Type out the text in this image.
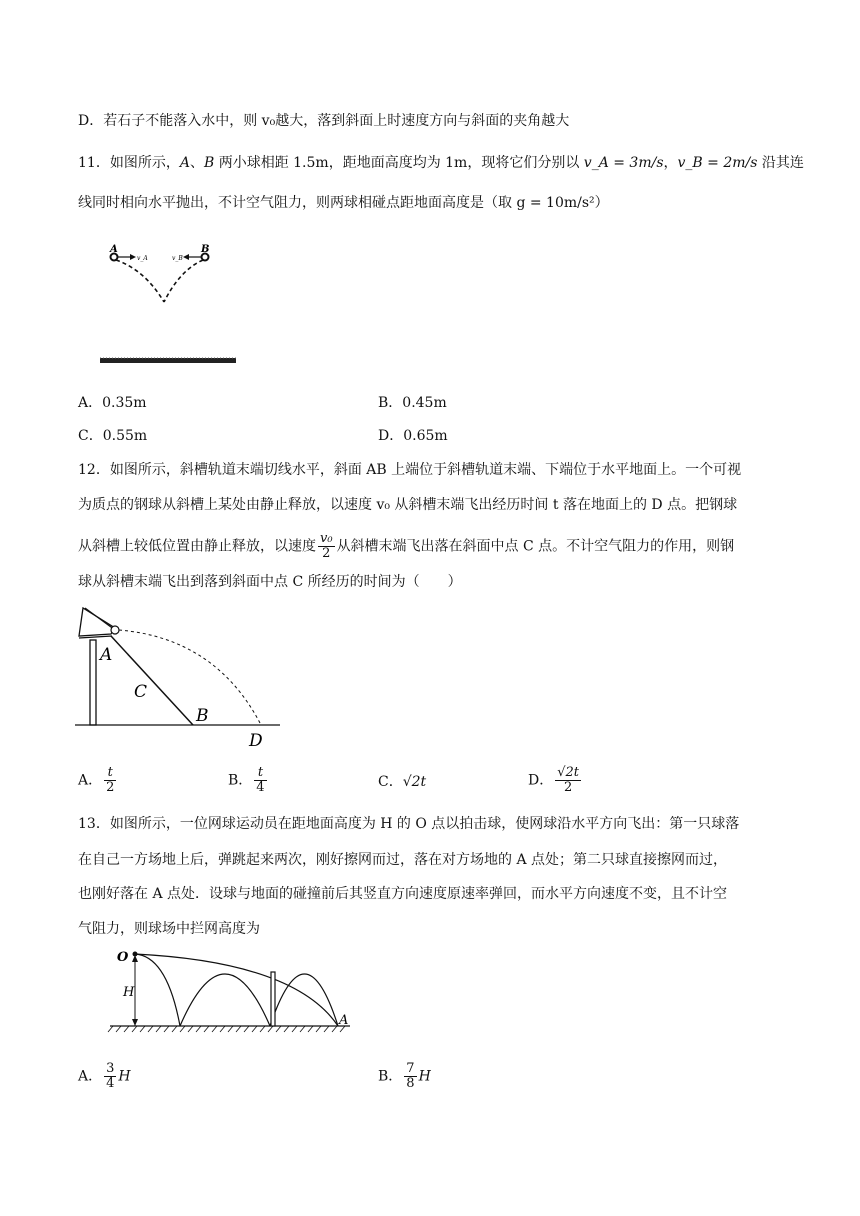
D．若石子不能落入水中，则 v₀越大，落到斜面上时速度方向与斜面的夹角越大
11．如图所示，A、B 两小球相距 1.5m，距地面高度均为 1m，现将它们分别以 v_A = 3m/s，v_B = 2m/s 沿其连
线同时相向水平抛出，不计空气阻力，则两球相碰点距地面高度是（取 g = 10m/s²）
A	B
v_A	v_B
A．0.35m	B．0.45m
C．0.55m	D．0.65m
12．如图所示，斜槽轨道末端切线水平，斜面 AB 上端位于斜槽轨道末端、下端位于水平地面上。一个可视
为质点的钢球从斜槽上某处由静止释放，以速度 v₀ 从斜槽末端飞出经历时间 t 落在地面上的 D 点。把钢球
从斜槽上较低位置由静止释放，以速度 $\frac{\text{v₀}}{2}$ 从斜槽末端飞出落在斜面中点 C 点。不计空气阻力的作用，则钢
球从斜槽末端飞出到落到斜面中点 C 所经历的时间为（　　）
A
C
B
D
A． $\frac{t}{2}$	B． $\frac{t}{4}$	C．√2t	D． $\frac{√2t}{2}$
13．如图所示，一位网球运动员在距地面高度为 H 的 O 点以拍击球，使网球沿水平方向飞出：第一只球落
在自己一方场地上后，弹跳起来两次，刚好擦网而过，落在对方场地的 A 点处；第二只球直接擦网而过，
也刚好落在 A 点处．设球与地面的碰撞前后其竖直方向速度原速率弹回，而水平方向速度不变，且不计空
气阻力，则球场中拦网高度为
O
H
A
A． $\frac{3}{4}$ H	B． $\frac{7}{8}$ H
